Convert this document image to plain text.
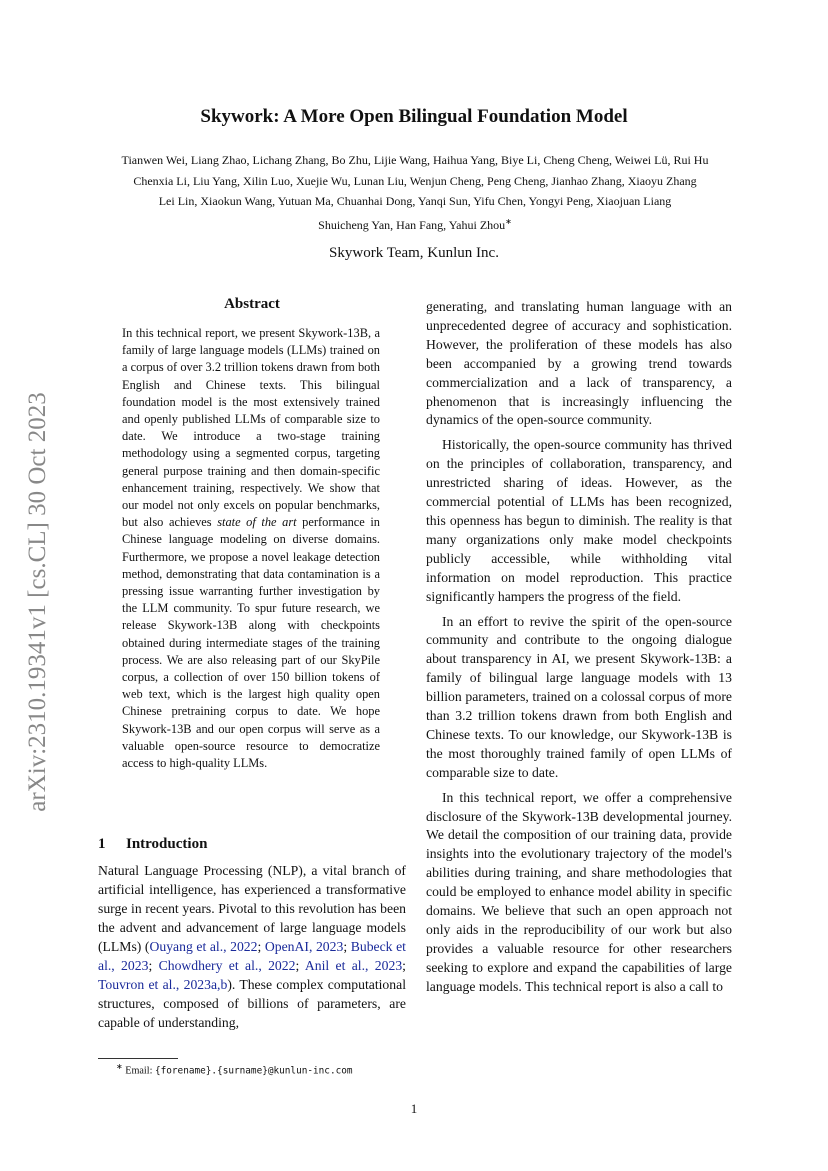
arXiv:2310.19341v1 [cs.CL] 30 Oct 2023
Skywork: A More Open Bilingual Foundation Model
Tianwen Wei, Liang Zhao, Lichang Zhang, Bo Zhu, Lijie Wang, Haihua Yang, Biye Li, Cheng Cheng, Weiwei Lü, Rui Hu
Chenxia Li, Liu Yang, Xilin Luo, Xuejie Wu, Lunan Liu, Wenjun Cheng, Peng Cheng, Jianhao Zhang, Xiaoyu Zhang
Lei Lin, Xiaokun Wang, Yutuan Ma, Chuanhai Dong, Yanqi Sun, Yifu Chen, Yongyi Peng, Xiaojuan Liang
Shuicheng Yan, Han Fang, Yahui Zhou∗
Skywork Team, Kunlun Inc.
Abstract
In this technical report, we present Skywork-13B, a family of large language models (LLMs) trained on a corpus of over 3.2 trillion tokens drawn from both English and Chinese texts. This bilingual foundation model is the most extensively trained and openly published LLMs of comparable size to date. We introduce a two-stage training methodology using a segmented corpus, targeting general purpose training and then domain-specific enhancement training, respectively. We show that our model not only excels on popular benchmarks, but also achieves state of the art performance in Chinese language modeling on diverse domains. Furthermore, we propose a novel leakage detection method, demonstrating that data contamination is a pressing issue warranting further investigation by the LLM community. To spur future research, we release Skywork-13B along with checkpoints obtained during intermediate stages of the training process. We are also releasing part of our SkyPile corpus, a collection of over 150 billion tokens of web text, which is the largest high quality open Chinese pretraining corpus to date. We hope Skywork-13B and our open corpus will serve as a valuable open-source resource to democratize access to high-quality LLMs.
1 Introduction
Natural Language Processing (NLP), a vital branch of artificial intelligence, has experienced a transformative surge in recent years. Pivotal to this revolution has been the advent and advancement of large language models (LLMs) (Ouyang et al., 2022; OpenAI, 2023; Bubeck et al., 2023; Chowdhery et al., 2022; Anil et al., 2023; Touvron et al., 2023a,b). These complex computational structures, composed of billions of parameters, are capable of understanding,
∗ Email: {forename}.{surname}@kunlun-inc.com

generating, and translating human language with an unprecedented degree of accuracy and sophistication. However, the proliferation of these models has also been accompanied by a growing trend towards commercialization and a lack of transparency, a phenomenon that is increasingly influencing the dynamics of the open-source community.

Historically, the open-source community has thrived on the principles of collaboration, transparency, and unrestricted sharing of ideas. However, as the commercial potential of LLMs has been recognized, this openness has begun to diminish. The reality is that many organizations only make model checkpoints publicly accessible, while withholding vital information on model reproduction. This practice significantly hampers the progress of the field.

In an effort to revive the spirit of the open-source community and contribute to the ongoing dialogue about transparency in AI, we present Skywork-13B: a family of bilingual large language models with 13 billion parameters, trained on a colossal corpus of more than 3.2 trillion tokens drawn from both English and Chinese texts. To our knowledge, our Skywork-13B is the most thoroughly trained family of open LLMs of comparable size to date.

In this technical report, we offer a comprehensive disclosure of the Skywork-13B developmental journey. We detail the composition of our training data, provide insights into the evolutionary trajectory of the model's abilities during training, and share methodologies that could be employed to enhance model ability in specific domains. We believe that such an open approach not only aids in the reproducibility of our work but also provides a valuable resource for other researchers seeking to explore and expand the capabilities of large language models. This technical report is also a call to

1
